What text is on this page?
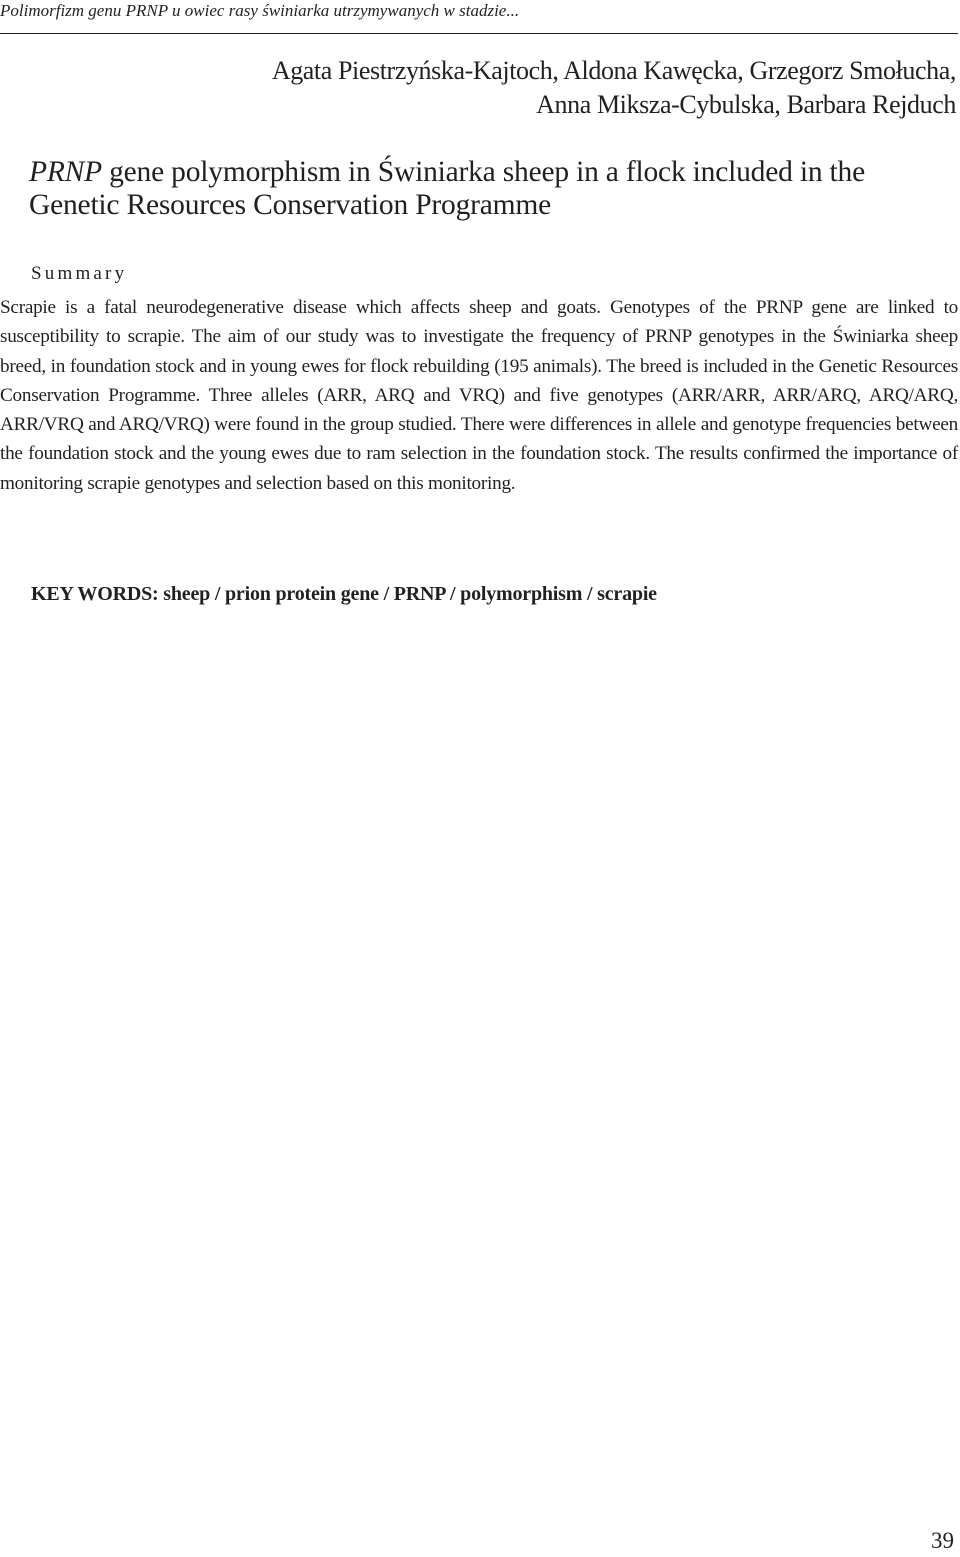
Polimorfizm genu PRNP u owiec rasy świniarka utrzymywanych w stadzie...
Agata Piestrzyńska-Kajtoch, Aldona Kawęcka, Grzegorz Smołucha,
Anna Miksza-Cybulska, Barbara Rejduch
PRNP gene polymorphism in Świniarka sheep in a flock included in the Genetic Resources Conservation Programme
Summary
Scrapie is a fatal neurodegenerative disease which affects sheep and goats. Genotypes of the PRNP gene are linked to susceptibility to scrapie. The aim of our study was to investigate the frequency of PRNP genotypes in the Świniarka sheep breed, in foundation stock and in young ewes for flock rebuilding (195 animals). The breed is included in the Genetic Resources Conservation Programme. Three alleles (ARR, ARQ and VRQ) and five genotypes (ARR/ARR, ARR/ARQ, ARQ/ARQ, ARR/VRQ and ARQ/VRQ) were found in the group studied. There were differences in allele and genotype frequencies between the foundation stock and the young ewes due to ram selection in the foundation stock. The results confirmed the importance of monitoring scrapie genotypes and selection based on this monitoring.
KEY WORDS: sheep / prion protein gene / PRNP / polymorphism / scrapie
39
